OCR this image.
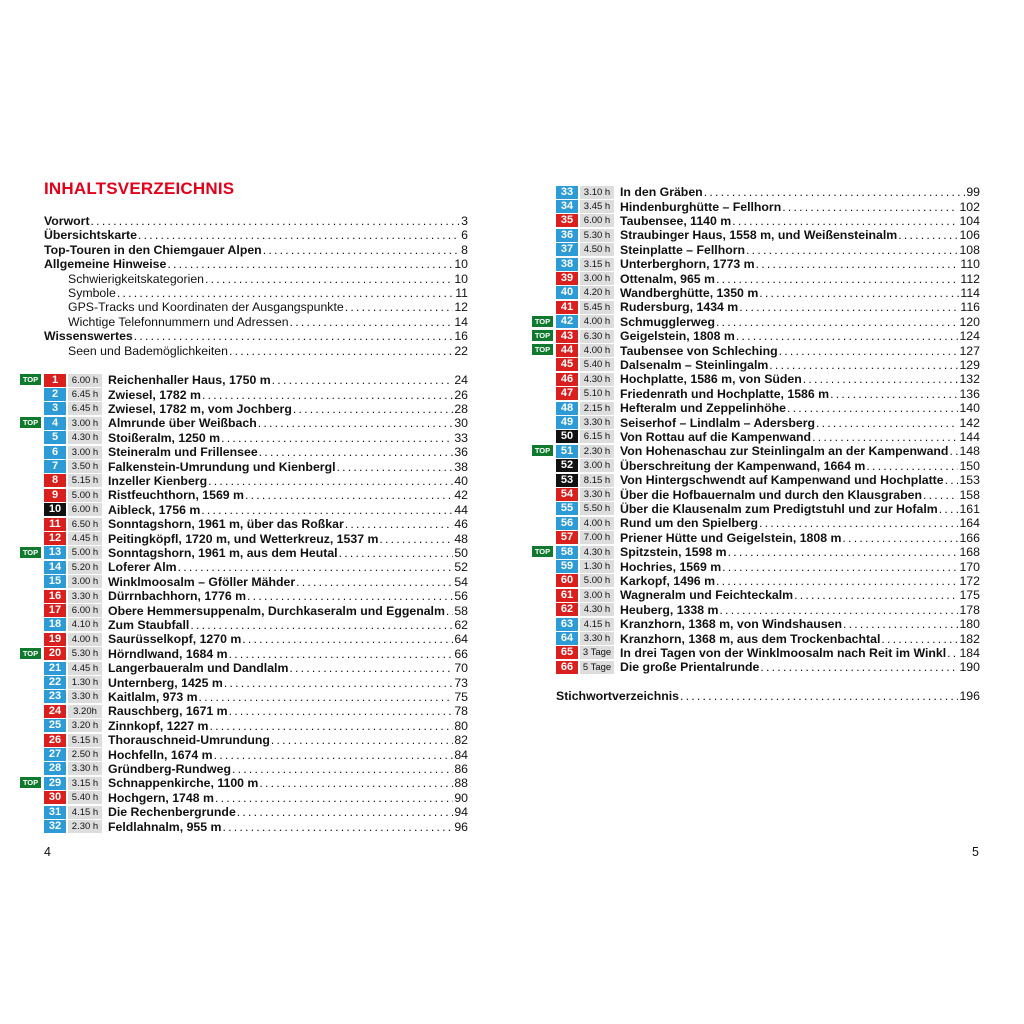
INHALTSVERZEICHNIS
Vorwort . . .	3
Übersichtskarte . . .	6
Top-Touren in den Chiemgauer Alpen . . .	8
Allgemeine Hinweise . . .	10
Schwierigkeitskategorien . . .	10
Symbole . . .	11
GPS-Tracks und Koordinaten der Ausgangspunkte . . .	12
Wichtige Telefonnummern und Adressen . . .	14
Wissenswertes . . .	16
Seen und Bademöglichkeiten . . .	22
TOP	1	6.00 h Reichenhaller Haus, 1750 m . . .	24
2	6.45 h Zwiesel, 1782 m . . .	26
3	6.45 h Zwiesel, 1782 m, vom Jochberg . . .	28
TOP	4	3.00 h Almrunde über Weißbach . . .	30
5	4.30 h Stoißeralm, 1250 m . . .	33
6	3.00 h Steineralm und Frillensee . . .	36
7	3.50 h Falkenstein-Umrundung und Kienbergl . . .	38
8	5.15 h Inzeller Kienberg . . .	40
9	5.00 h Ristfeuchthorn, 1569 m . . .	42
10	6.00 h Aibleck, 1756 m . . .	44
11	6.50 h Sonntagshorn, 1961 m, über das Roßkar . . .	46
12	4.45 h Peitingköpfl, 1720 m, und Wetterkreuz, 1537 m . . .	48
TOP 13	5.00 h Sonntagshorn, 1961 m, aus dem Heutal . . .	50
14	5.20 h Loferer Alm . . .	52
15	3.00 h Winklmoosalm – Gföller Mähder . . .	54
16	3.30 h Dürrnbachhorn, 1776 m . . .	56
17	6.00 h Obere Hemmersuppenalm, Durchkaseralm und Eggenalm . . . 58
18	4.10 h Zum Staubfall . . .	62
19	4.00 h Saurüsselkopf, 1270 m . . .	64
TOP 20	5.30 h Hörndlwand, 1684 m . . .	66
21	4.45 h Langerbaueralm und Dandlalm . . .	70
22	1.30 h Unternberg, 1425 m . . .	73
23	3.30 h Kaitlalm, 973 m . . .	75
24	3.20h Rauschberg, 1671 m . . .	78
25	3.20 h Zinnkopf, 1227 m . . .	80
26	5.15 h Thorauschneid-Umrundung . . .	82
27	2.50 h Hochfelln, 1674 m . . .	84
28	3.30 h Gründberg-Rundweg . . .	86
TOP 29	3.15 h Schnappenkirche, 1100 m . . .	88
30	5.40 h Hochgern, 1748 m . . .	90
31	4.15 h Die Rechenbergrunde . . .	94
32	2.30 h Feldlahnalm, 955 m . . .	96
33	3.10 h In den Gräben . . .	99
34	3.45 h Hindenburghütte – Fellhorn . . .	102
35	6.00 h Taubensee, 1140 m . . .	104
36	5.30 h Straubinger Haus, 1558 m, und Weißensteinalm . . .	106
37	4.50 h Steinplatte – Fellhorn . . .	108
38	3.15 h Unterberghorn, 1773 m . . .	110
39	3.00 h Ottenalm, 965 m . . .	112
40	4.20 h Wandberghütte, 1350 m . . .	114
41	5.45 h Rudersburg, 1434 m . . .	116
TOP 42	4.00 h Schmugglerweg . . .	120
TOP 43	6.30 h Geigelstein, 1808 m . . .	124
TOP 44	4.00 h Taubensee von Schleching . . .	127
45	5.40 h Dalsenalm – Steinlingalm . . .	129
46	4.30 h Hochplatte, 1586 m, von Süden . . .	132
47	5.10 h Friedenrath und Hochplatte, 1586 m . . .	136
48	2.15 h Hefteralm und Zeppelinhöhe . . .	140
49	3.30 h Seiserhof – Lindlalm – Adersberg . . .	142
50	6.15 h Von Rottau auf die Kampenwand . . .	144
TOP 51	2.30 h Von Hohenaschau zur Steinlingalm an der Kampenwand . . . 148
52	3.00 h Überschreitung der Kampenwand, 1664 m . . .	150
53	8.15 h Von Hintergschwendt auf Kampenwand und Hochplatte . . . 153
54	3.30 h Über die Hofbauernalm und durch den Klausgraben . . .	158
55	5.50 h Über die Klausenalm zum Predigtstuhl und zur Hofalm . . . 161
56	4.00 h Rund um den Spielberg . . .	164
57	7.00 h Priener Hütte und Geigelstein, 1808 m . . .	166
TOP 58	4.30 h Spitzstein, 1598 m . . .	168
59	1.30 h Hochries, 1569 m . . .	170
60	5.00 h Karkopf, 1496 m . . .	172
61	3.00 h Wagneralm und Feichteckalm . . .	175
62	4.30 h Heuberg, 1338 m . . .	178
63	4.15 h Kranzhorn, 1368 m, von Windshausen . . .	180
64	3.30 h Kranzhorn, 1368 m, aus dem Trockenbachtal . . .	182
65	3 Tage In drei Tagen von der Winklmoosalm nach Reit im Winkl . . . 184
66	5 Tage Die große Prientalrunde . . .	190
Stichwortverzeichnis . . .	196
4	5
